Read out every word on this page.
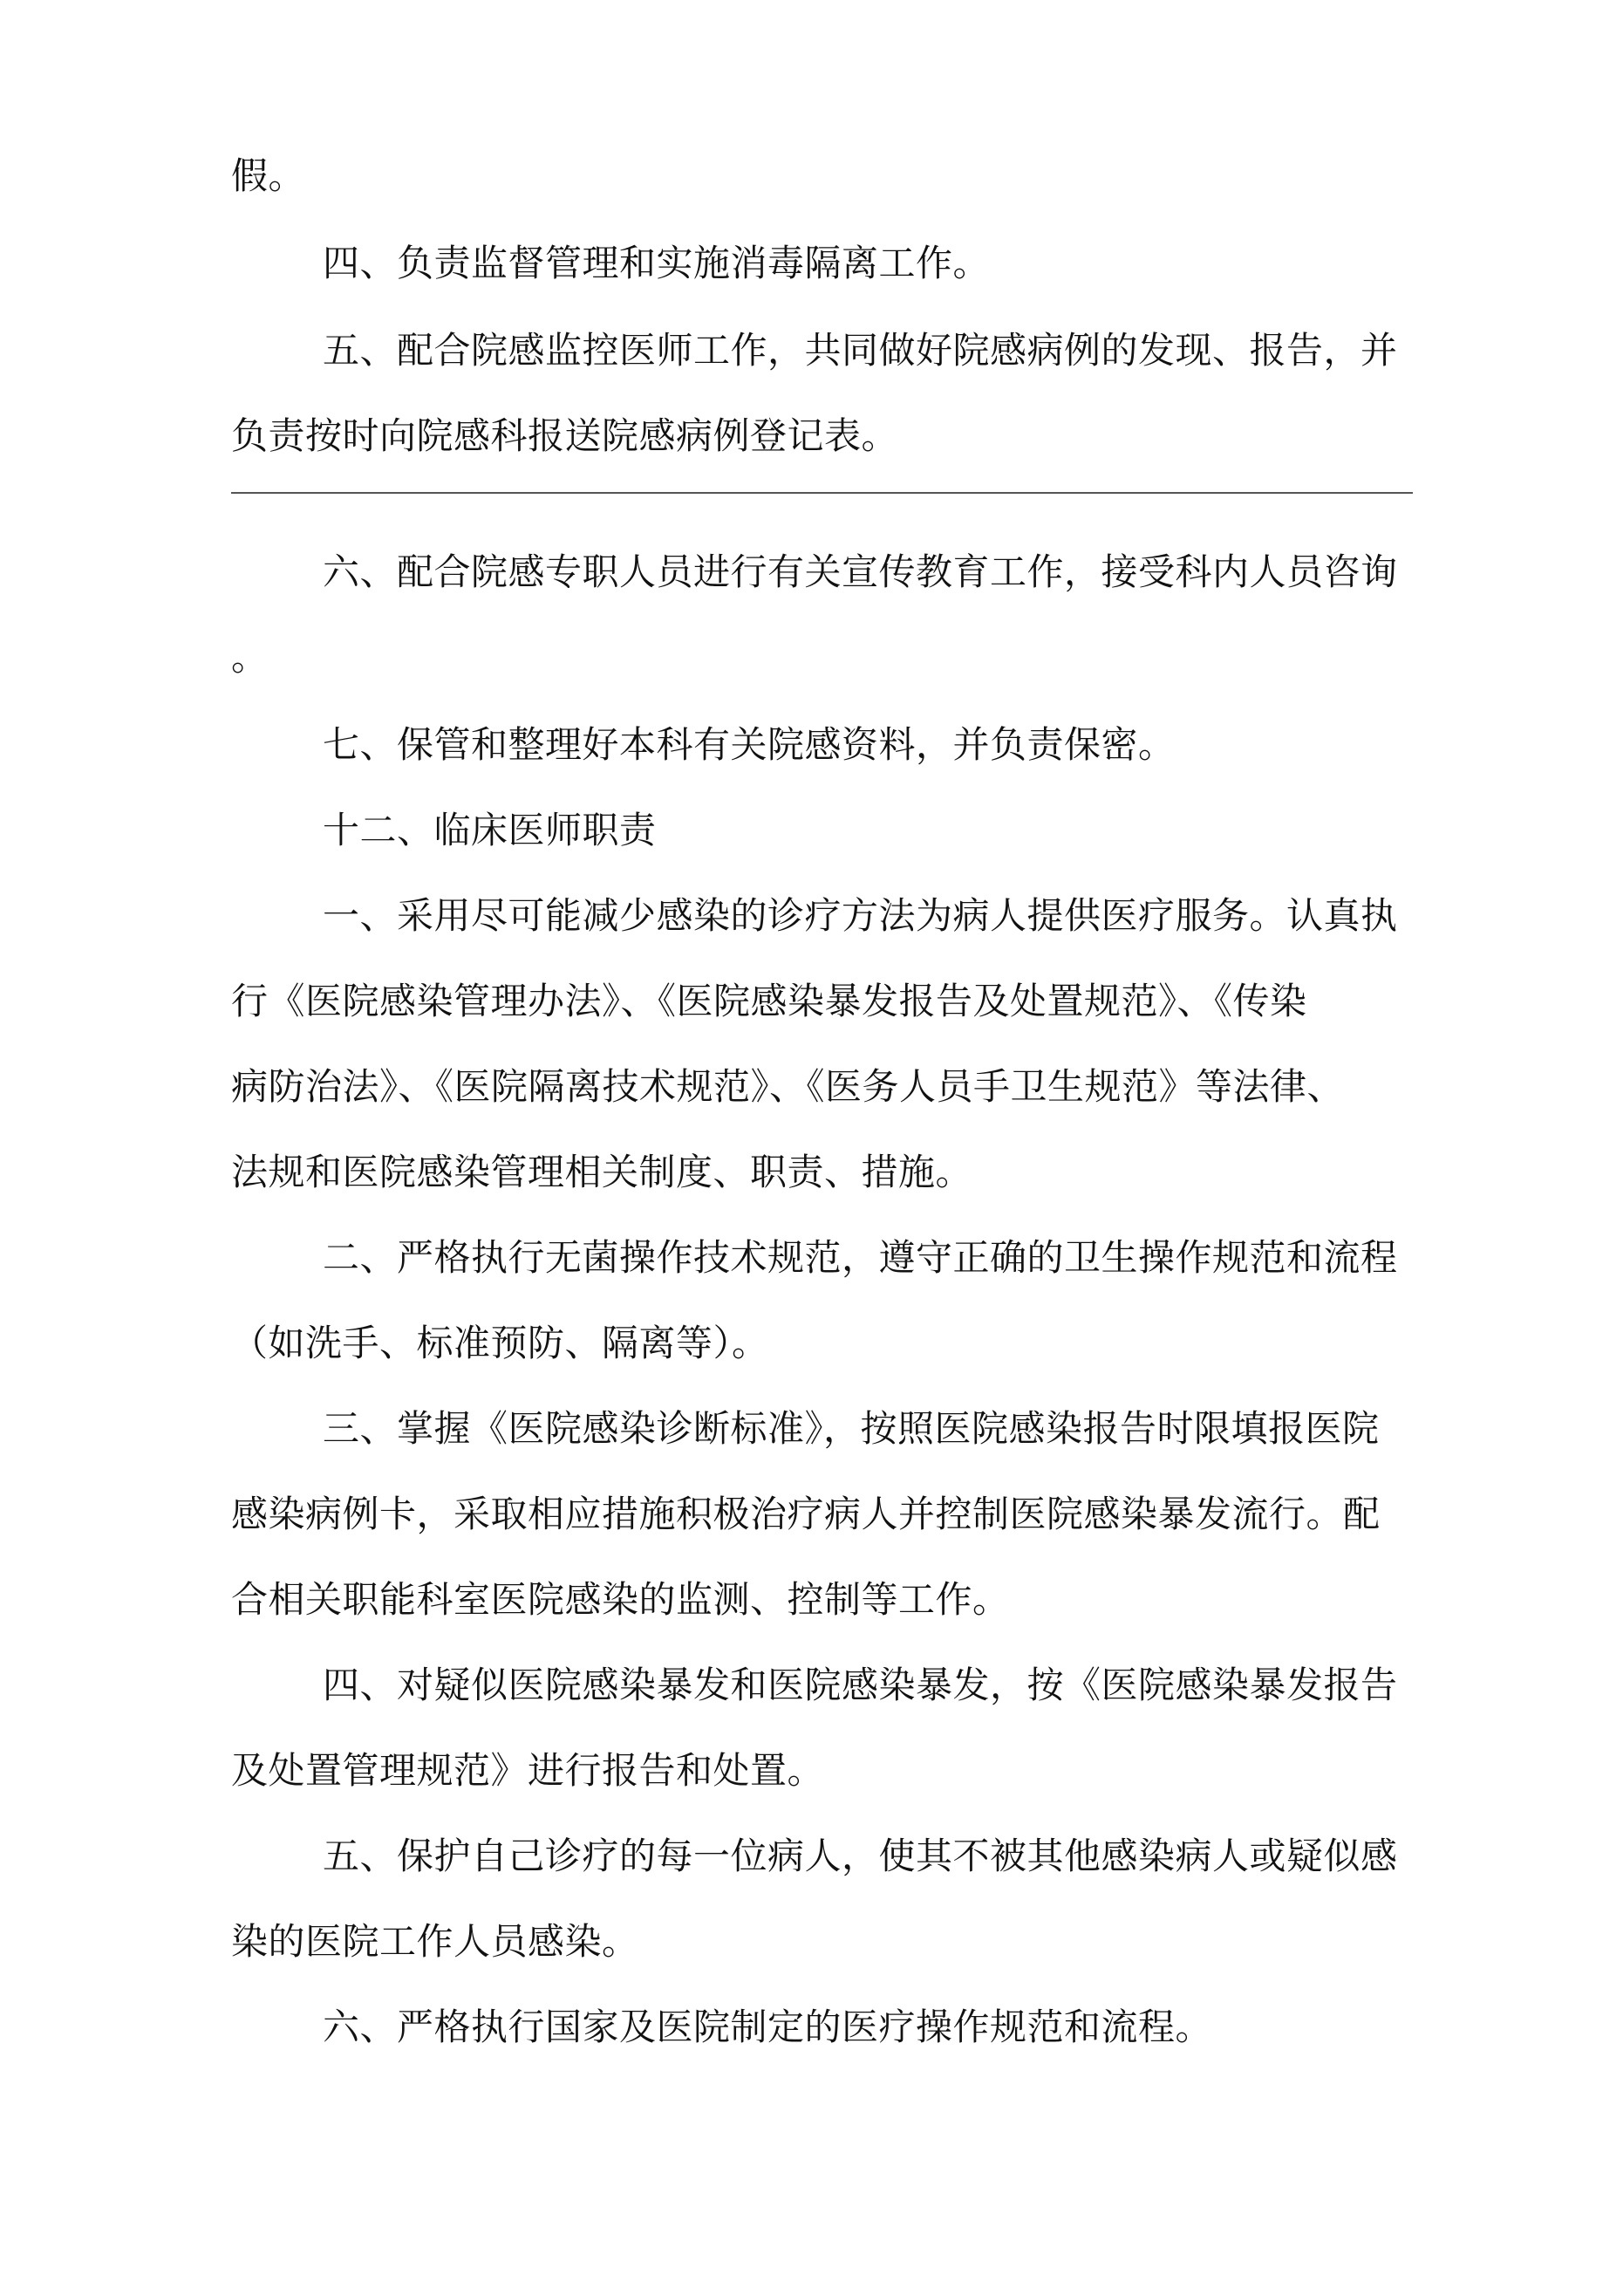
假。
四、负责监督管理和实施消毒隔离工作。
五、配合院感监控医师工作，共同做好院感病例的发现、报告，并
负责按时向院感科报送院感病例登记表。
六、配合院感专职人员进行有关宣传教育工作，接受科内人员咨询
。
七、保管和整理好本科有关院感资料，并负责保密。
十二、临床医师职责
一、采用尽可能减少感染的诊疗方法为病人提供医疗服务。认真执
行《医院感染管理办法》、《医院感染暴发报告及处置规范》、《传染
病防治法》、《医院隔离技术规范》、《医务人员手卫生规范》等法律、
法规和医院感染管理相关制度、职责、措施。
二、严格执行无菌操作技术规范，遵守正确的卫生操作规范和流程
（如洗手、标准预防、隔离等）。
三、掌握《医院感染诊断标准》，按照医院感染报告时限填报医院
感染病例卡，采取相应措施积极治疗病人并控制医院感染暴发流行。配
合相关职能科室医院感染的监测、控制等工作。
四、对疑似医院感染暴发和医院感染暴发，按《医院感染暴发报告
及处置管理规范》进行报告和处置。
五、保护自己诊疗的每一位病人，使其不被其他感染病人或疑似感
染的医院工作人员感染。
六、严格执行国家及医院制定的医疗操作规范和流程。
